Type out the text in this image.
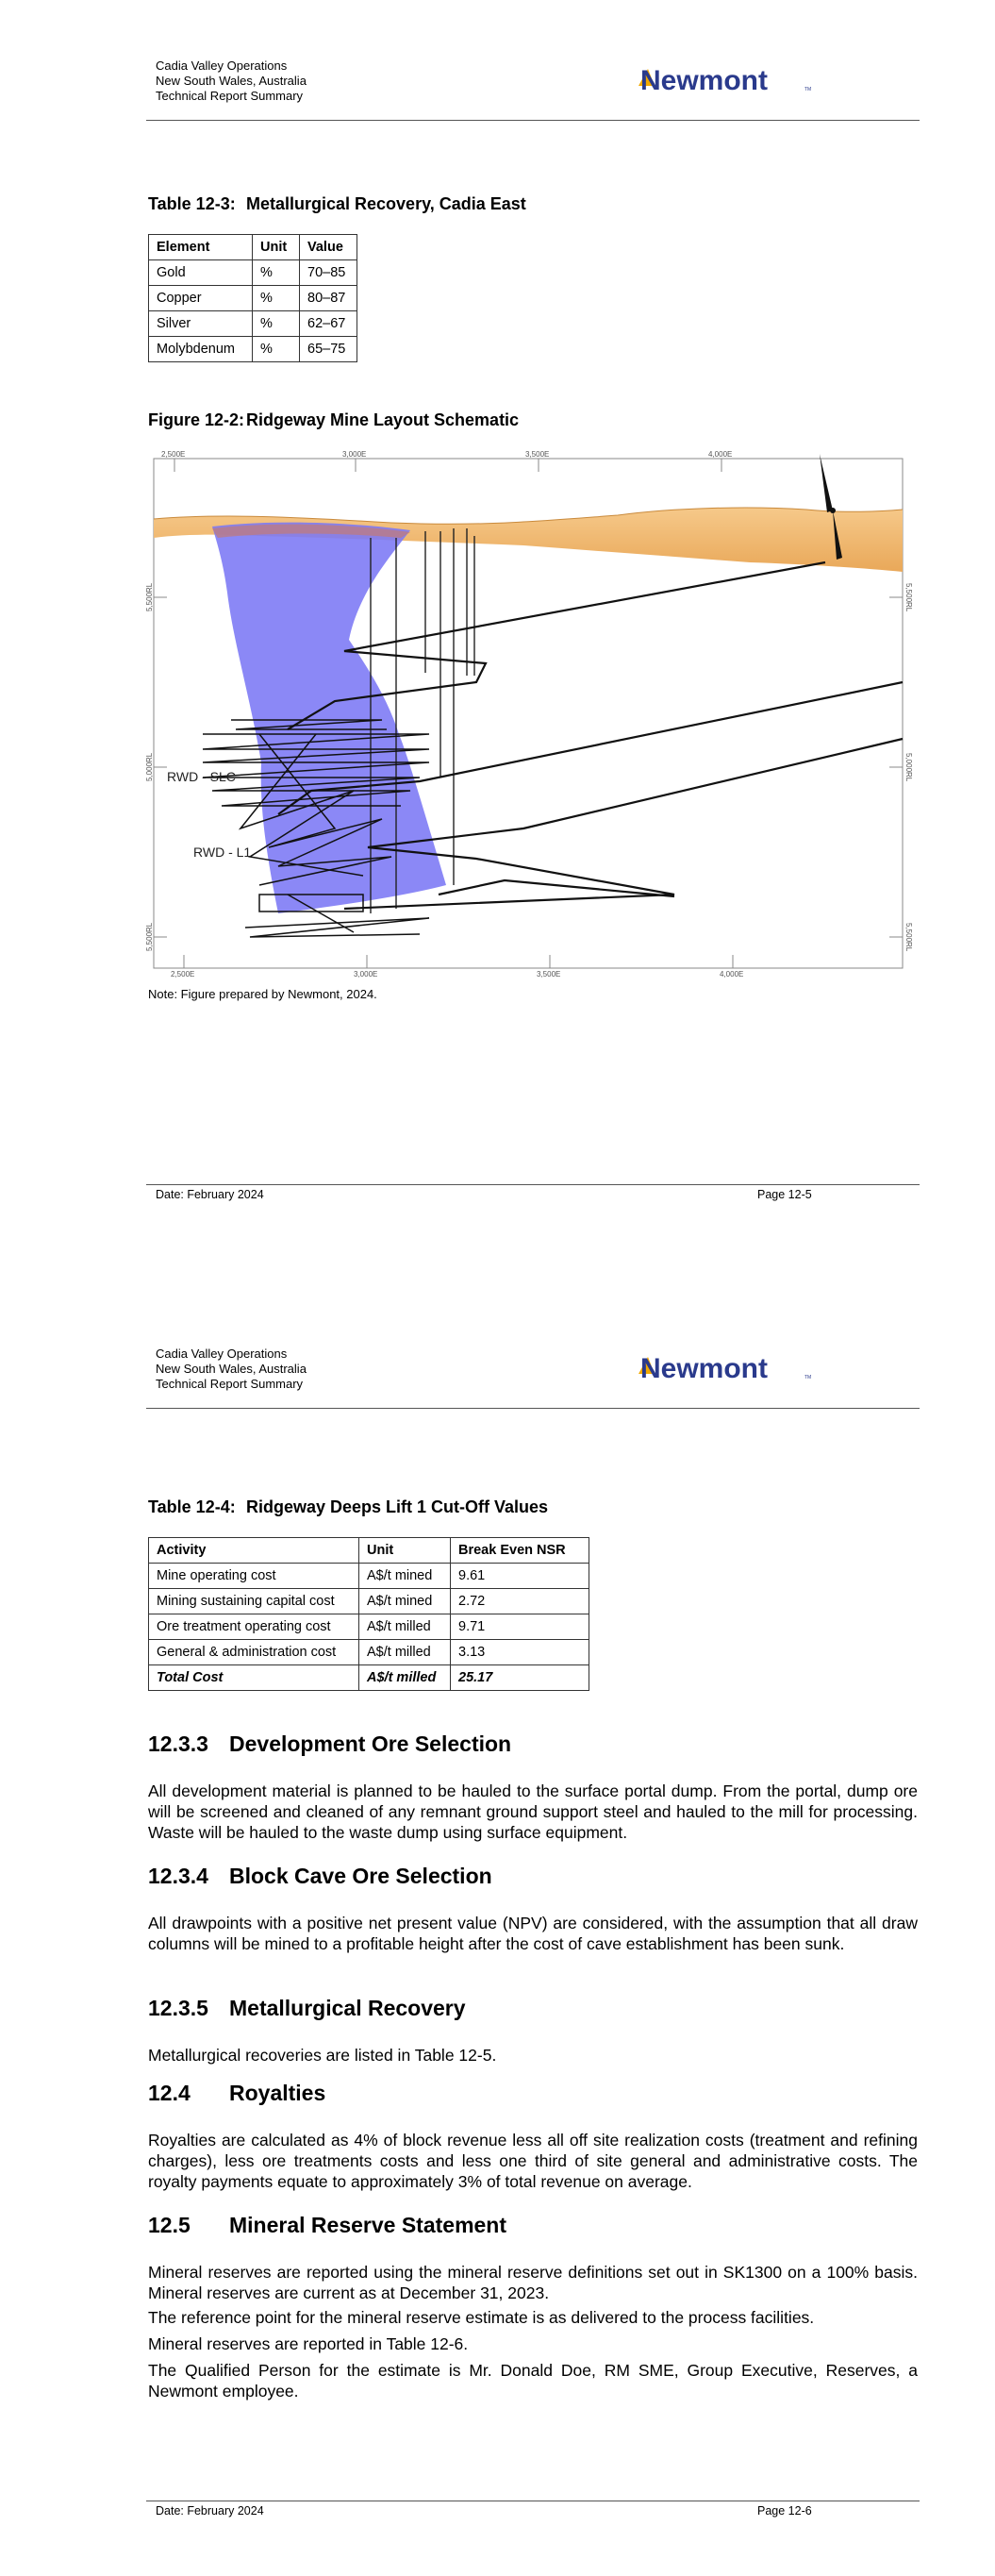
Cadia Valley Operations
New South Wales, Australia
Technical Report Summary	Newmont	TM
Table 12-3: Metallurgical Recovery, Cadia East
Element	Unit	Value
Gold	%	70–85
Copper	%	80–87
Silver	%	62–67
Molybdenum	%	65–75
Figure 12-2: Ridgeway Mine Layout Schematic
2,500E	3,000E	3,500E	4,000E
2,500E	3,000E	3,500E	4,000E
5,500RL
5,000RL
5,500RL
5,500RL
5,000RL
5,500RL
RWD - SLC
RWD - L1
Note: Figure prepared by Newmont, 2024.
Date: February 2024	Page 12-5
Cadia Valley Operations
New South Wales, Australia
Technical Report Summary	Newmont	TM
Table 12-4: Ridgeway Deeps Lift 1 Cut-Off Values
Activity	Unit	Break Even NSR
Mine operating cost	A$/t mined	9.61
Mining sustaining capital cost	A$/t mined	2.72
Ore treatment operating cost	A$/t milled	9.71
General & administration cost	A$/t milled	3.13
Total Cost	A$/t milled	25.17
12.3.3 Development Ore Selection
All development material is planned to be hauled to the surface portal dump. From the portal, dump ore will be screened and cleaned of any remnant ground support steel and hauled to the mill for processing. Waste will be hauled to the waste dump using surface equipment.
12.3.4 Block Cave Ore Selection
All drawpoints with a positive net present value (NPV) are considered, with the assumption that all draw columns will be mined to a profitable height after the cost of cave establishment has been sunk.
12.3.5 Metallurgical Recovery
Metallurgical recoveries are listed in Table 12-5.
12.4 Royalties
Royalties are calculated as 4% of block revenue less all off site realization costs (treatment and refining charges), less ore treatments costs and less one third of site general and administrative costs. The royalty payments equate to approximately 3% of total revenue on average.
12.5 Mineral Reserve Statement
Mineral reserves are reported using the mineral reserve definitions set out in SK1300 on a 100% basis. Mineral reserves are current as at December 31, 2023.
The reference point for the mineral reserve estimate is as delivered to the process facilities.
Mineral reserves are reported in Table 12-6.
The Qualified Person for the estimate is Mr. Donald Doe, RM SME, Group Executive, Reserves, a Newmont employee.
Date: February 2024	Page 12-6
